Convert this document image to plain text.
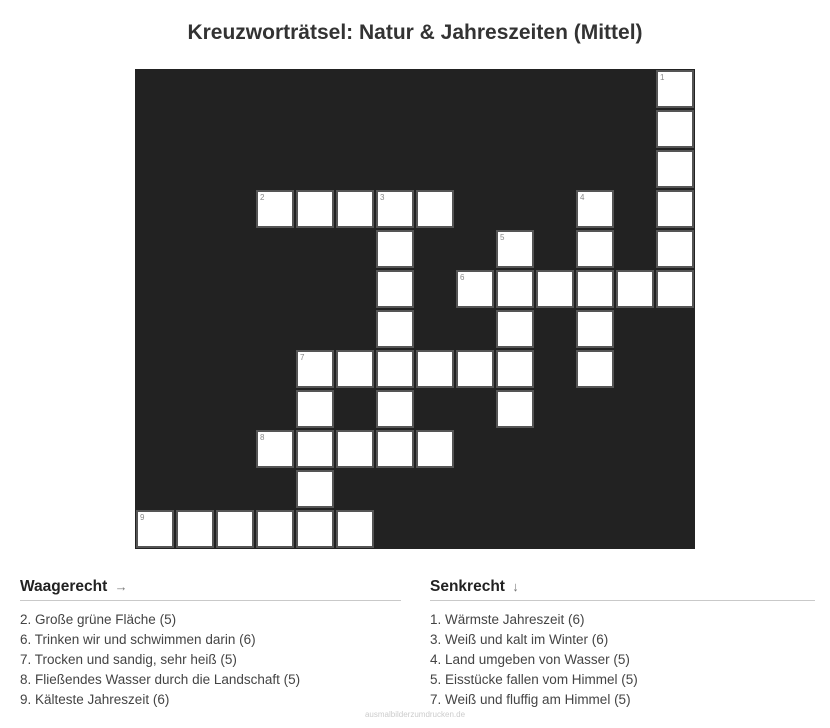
Kreuzworträtsel: Natur & Jahreszeiten (Mittel)
1
2	3	4
5
6
7
8
9
Waagerecht →
2. Große grüne Fläche (5)
6. Trinken wir und schwimmen darin (6)
7. Trocken und sandig, sehr heiß (5)
8. Fließendes Wasser durch die Landschaft (5)
9. Kälteste Jahreszeit (6)
Senkrecht ↓
1. Wärmste Jahreszeit (6)
3. Weiß und kalt im Winter (6)
4. Land umgeben von Wasser (5)
5. Eisstücke fallen vom Himmel (5)
7. Weiß und fluffig am Himmel (5)
ausmalbilderzumdrucken.de
